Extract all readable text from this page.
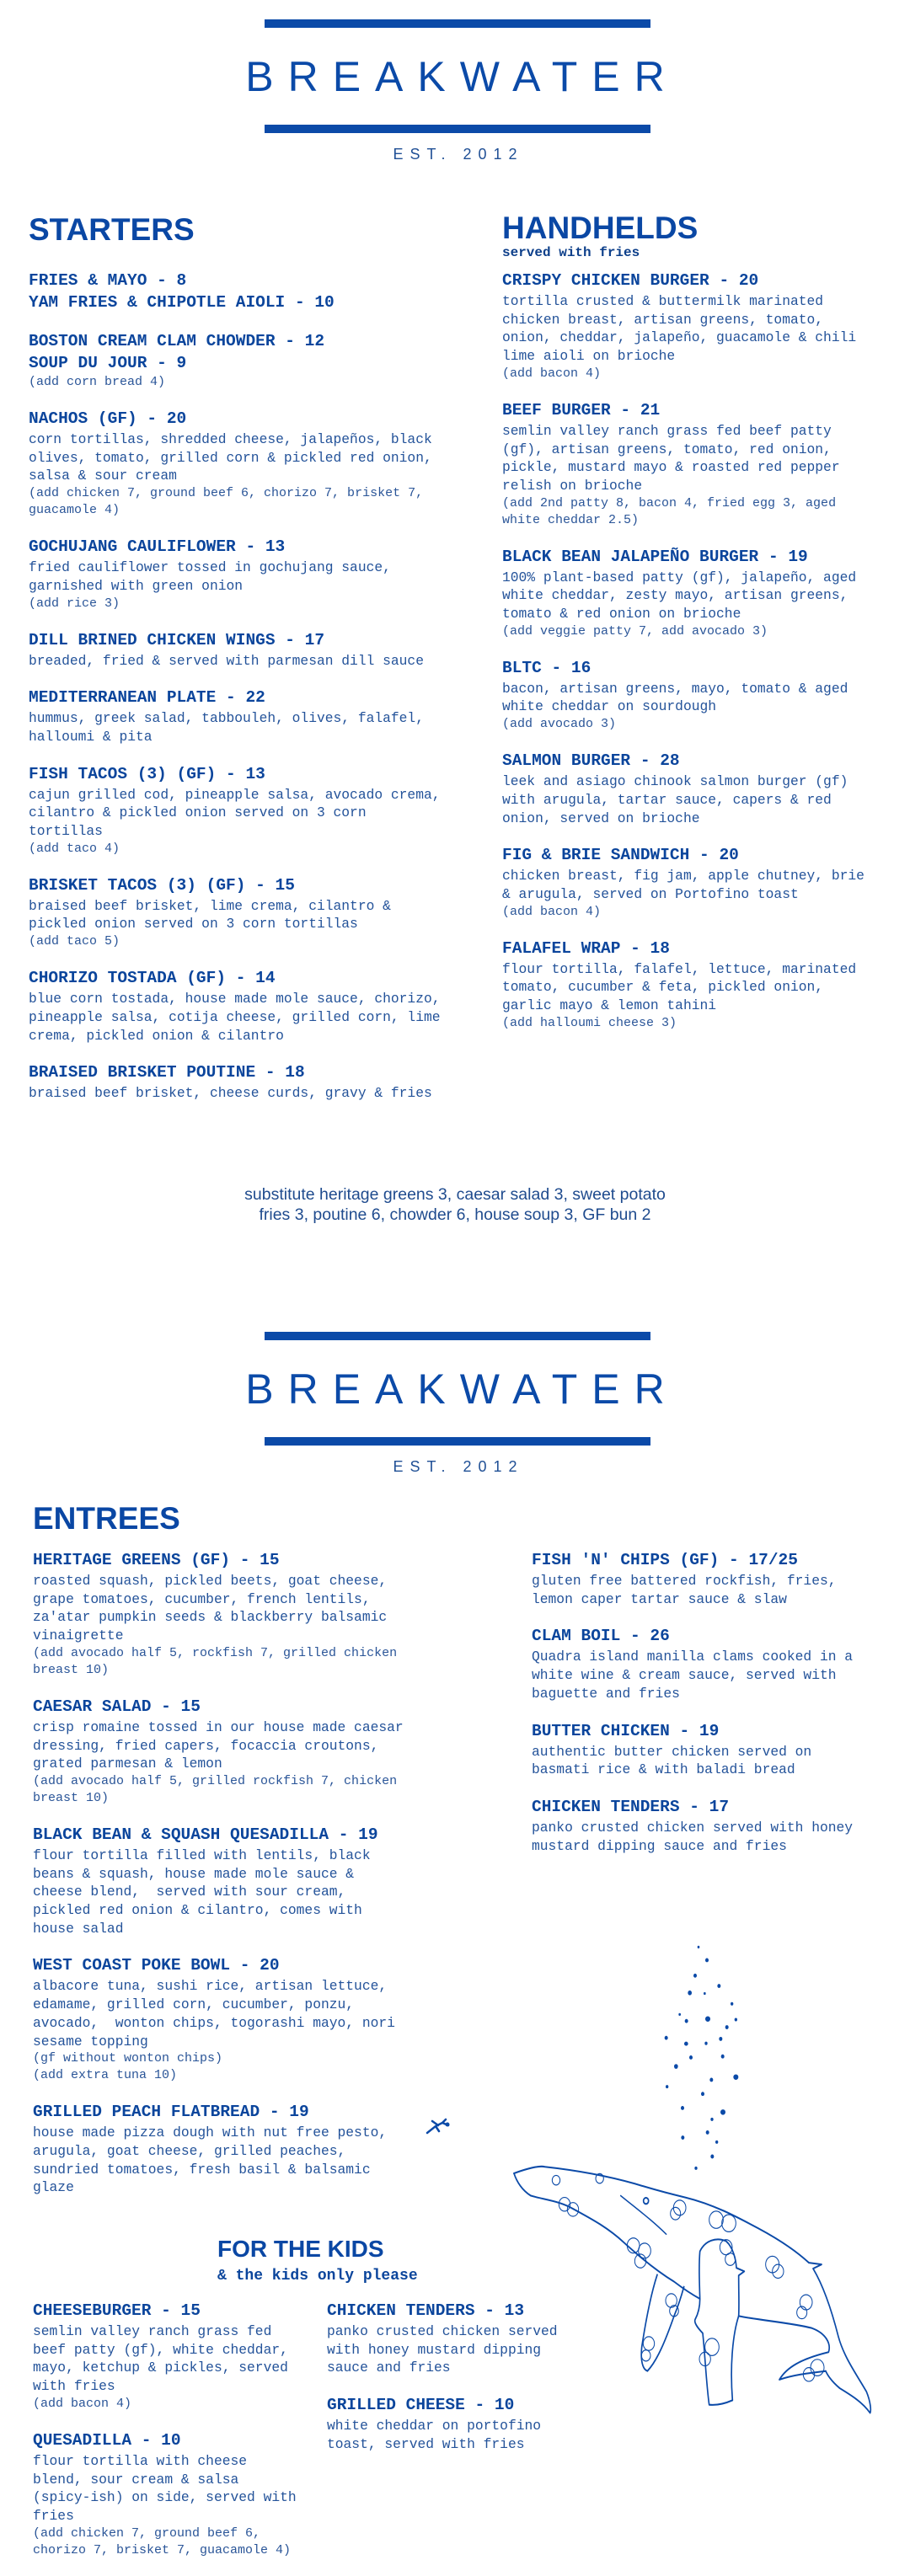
BREAKWATER
EST. 2012
STARTERS
FRIES & MAYO - 8
YAM FRIES & CHIPOTLE AIOLI - 10
BOSTON CREAM CLAM CHOWDER - 12
SOUP DU JOUR - 9
(add corn bread 4)
NACHOS (GF) - 20
corn tortillas, shredded cheese, jalapeños, black
olives, tomato, grilled corn & pickled red onion,
salsa & sour cream
(add chicken 7, ground beef 6, chorizo 7, brisket 7,
guacamole 4)
GOCHUJANG CAULIFLOWER - 13
fried cauliflower tossed in gochujang sauce,
garnished with green onion
(add rice 3)
DILL BRINED CHICKEN WINGS - 17
breaded, fried & served with parmesan dill sauce
MEDITERRANEAN PLATE - 22
hummus, greek salad, tabbouleh, olives, falafel,
halloumi & pita
FISH TACOS (3) (GF) - 13
cajun grilled cod, pineapple salsa, avocado crema,
cilantro & pickled onion served on 3 corn
tortillas
(add taco 4)
BRISKET TACOS (3) (GF) - 15
braised beef brisket, lime crema, cilantro &
pickled onion served on 3 corn tortillas
(add taco 5)
CHORIZO TOSTADA (GF) - 14
blue corn tostada, house made mole sauce, chorizo,
pineapple salsa, cotija cheese, grilled corn, lime
crema, pickled onion & cilantro
BRAISED BRISKET POUTINE - 18
braised beef brisket, cheese curds, gravy & fries
HANDHELDS
served with fries
CRISPY CHICKEN BURGER - 20
tortilla crusted & buttermilk marinated
chicken breast, artisan greens, tomato,
onion, cheddar, jalapeño, guacamole & chili
lime aioli on brioche
(add bacon 4)
BEEF BURGER - 21
semlin valley ranch grass fed beef patty
(gf), artisan greens, tomato, red onion,
pickle, mustard mayo & roasted red pepper
relish on brioche
(add 2nd patty 8, bacon 4, fried egg 3, aged
white cheddar 2.5)
BLACK BEAN JALAPEÑO BURGER - 19
100% plant-based patty (gf), jalapeño, aged
white cheddar, zesty mayo, artisan greens,
tomato & red onion on brioche
(add veggie patty 7, add avocado 3)
BLTC - 16
bacon, artisan greens, mayo, tomato & aged
white cheddar on sourdough
(add avocado 3)
SALMON BURGER - 28
leek and asiago chinook salmon burger (gf)
with arugula, tartar sauce, capers & red
onion, served on brioche
FIG & BRIE SANDWICH - 20
chicken breast, fig jam, apple chutney, brie
& arugula, served on Portofino toast
(add bacon 4)
FALAFEL WRAP - 18
flour tortilla, falafel, lettuce, marinated
tomato, cucumber & feta, pickled onion,
garlic mayo & lemon tahini
(add halloumi cheese 3)
substitute heritage greens 3, caesar salad 3, sweet potato
fries 3, poutine 6, chowder 6, house soup 3, GF bun 2
BREAKWATER
EST. 2012
ENTREES
HERITAGE GREENS (GF) - 15
roasted squash, pickled beets, goat cheese,
grape tomatoes, cucumber, french lentils,
za'atar pumpkin seeds & blackberry balsamic
vinaigrette
(add avocado half 5, rockfish 7, grilled chicken
breast 10)
CAESAR SALAD - 15
crisp romaine tossed in our house made caesar
dressing, fried capers, focaccia croutons,
grated parmesan & lemon
(add avocado half 5, grilled rockfish 7, chicken
breast 10)
BLACK BEAN & SQUASH QUESADILLA - 19
flour tortilla filled with lentils, black
beans & squash, house made mole sauce &
cheese blend,  served with sour cream,
pickled red onion & cilantro, comes with
house salad
WEST COAST POKE BOWL - 20
albacore tuna, sushi rice, artisan lettuce,
edamame, grilled corn, cucumber, ponzu,
avocado,  wonton chips, togorashi mayo, nori
sesame topping
(gf without wonton chips)
(add extra tuna 10)
GRILLED PEACH FLATBREAD - 19
house made pizza dough with nut free pesto,
arugula, goat cheese, grilled peaches,
sundried tomatoes, fresh basil & balsamic
glaze
FISH 'N' CHIPS (GF) - 17/25
gluten free battered rockfish, fries,
lemon caper tartar sauce & slaw
CLAM BOIL - 26
Quadra island manilla clams cooked in a
white wine & cream sauce, served with
baguette and fries
BUTTER CHICKEN - 19
authentic butter chicken served on
basmati rice & with baladi bread
CHICKEN TENDERS - 17
panko crusted chicken served with honey
mustard dipping sauce and fries
FOR THE KIDS
& the kids only please
CHEESEBURGER - 15
semlin valley ranch grass fed
beef patty (gf), white cheddar,
mayo, ketchup & pickles, served
with fries
(add bacon 4)
QUESADILLA - 10
flour tortilla with cheese
blend, sour cream & salsa
(spicy-ish) on side, served with
fries
(add chicken 7, ground beef 6,
chorizo 7, brisket 7, guacamole 4)
CHICKEN TENDERS - 13
panko crusted chicken served
with honey mustard dipping
sauce and fries
GRILLED CHEESE - 10
white cheddar on portofino
toast, served with fries
